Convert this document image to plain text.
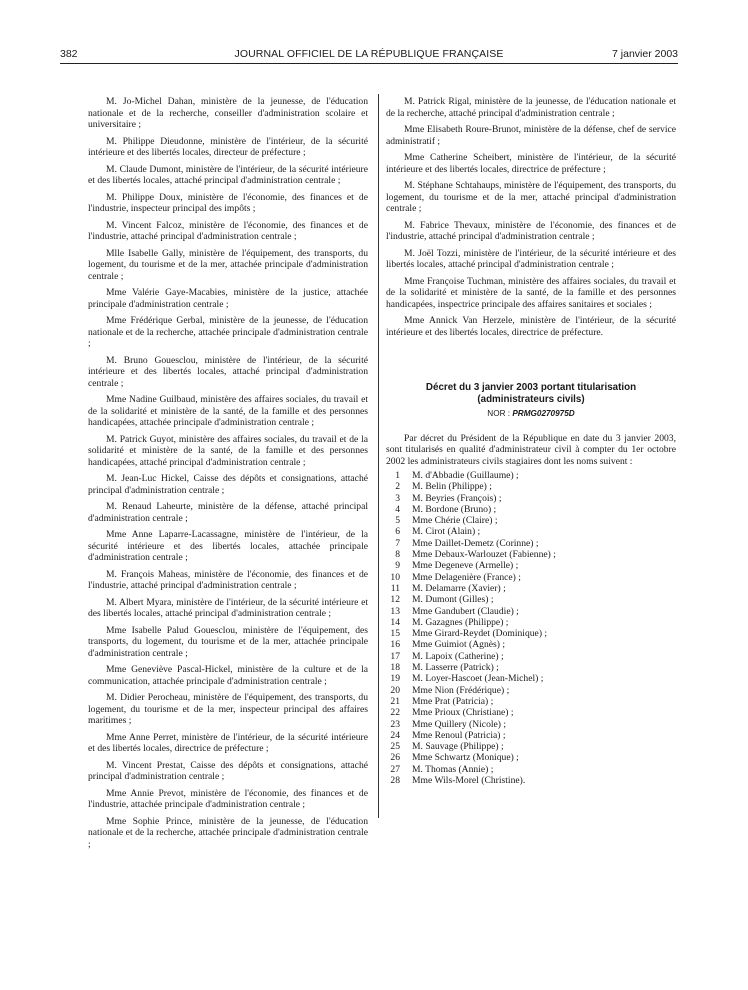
382	JOURNAL OFFICIEL DE LA RÉPUBLIQUE FRANÇAISE	7 janvier 2003

M. Jo-Michel Dahan, ministère de la jeunesse, de l'éducation nationale et de la recherche, conseiller d'administration scolaire et universitaire ;

M. Philippe Dieudonne, ministère de l'intérieur, de la sécurité intérieure et des libertés locales, directeur de préfecture ;

M. Claude Dumont, ministère de l'intérieur, de la sécurité intérieure et des libertés locales, attaché principal d'administration centrale ;

M. Philippe Doux, ministère de l'économie, des finances et de l'industrie, inspecteur principal des impôts ;

M. Vincent Falcoz, ministère de l'économie, des finances et de l'industrie, attaché principal d'administration centrale ;

Mlle Isabelle Gally, ministère de l'équipement, des transports, du logement, du tourisme et de la mer, attachée principale d'administration centrale ;

Mme Valérie Gaye-Macabies, ministère de la justice, attachée principale d'administration centrale ;

Mme Frédérique Gerbal, ministère de la jeunesse, de l'éducation nationale et de la recherche, attachée principale d'administration centrale ;

M. Bruno Gouesclou, ministère de l'intérieur, de la sécurité intérieure et des libertés locales, attaché principal d'administration centrale ;

Mme Nadine Guilbaud, ministère des affaires sociales, du travail et de la solidarité et ministère de la santé, de la famille et des personnes handicapées, attachée principale d'administration centrale ;

M. Patrick Guyot, ministère des affaires sociales, du travail et de la solidarité et ministère de la santé, de la famille et des personnes handicapées, attaché principal d'administration centrale ;

M. Jean-Luc Hickel, Caisse des dépôts et consignations, attaché principal d'administration centrale ;

M. Renaud Laheurte, ministère de la défense, attaché principal d'administration centrale ;

Mme Anne Laparre-Lacassagne, ministère de l'intérieur, de la sécurité intérieure et des libertés locales, attachée principale d'administration centrale ;

M. François Maheas, ministère de l'économie, des finances et de l'industrie, attaché principal d'administration centrale ;

M. Albert Myara, ministère de l'intérieur, de la sécurité intérieure et des libertés locales, attaché principal d'administration centrale ;

Mme Isabelle Palud Gouesclou, ministère de l'équipement, des transports, du logement, du tourisme et de la mer, attachée principale d'administration centrale ;

Mme Geneviève Pascal-Hickel, ministère de la culture et de la communication, attachée principale d'administration centrale ;

M. Didier Perocheau, ministère de l'équipement, des transports, du logement, du tourisme et de la mer, inspecteur principal des affaires maritimes ;

Mme Anne Perret, ministère de l'intérieur, de la sécurité intérieure et des libertés locales, directrice de préfecture ;

M. Vincent Prestat, Caisse des dépôts et consignations, attaché principal d'administration centrale ;

Mme Annie Prevot, ministère de l'économie, des finances et de l'industrie, attachée principale d'administration centrale ;

Mme Sophie Prince, ministère de la jeunesse, de l'éducation nationale et de la recherche, attachée principale d'administration centrale ;

M. Patrick Rigal, ministère de la jeunesse, de l'éducation nationale et de la recherche, attaché principal d'administration centrale ;

Mme Elisabeth Roure-Brunot, ministère de la défense, chef de service administratif ;

Mme Catherine Scheibert, ministère de l'intérieur, de la sécurité intérieure et des libertés locales, directrice de préfecture ;

M. Stéphane Schtahaups, ministère de l'équipement, des transports, du logement, du tourisme et de la mer, attaché principal d'administration centrale ;

M. Fabrice Thevaux, ministère de l'économie, des finances et de l'industrie, attaché principal d'administration centrale ;

M. Joël Tozzi, ministère de l'intérieur, de la sécurité intérieure et des libertés locales, attaché principal d'administration centrale ;

Mme Françoise Tuchman, ministère des affaires sociales, du travail et de la solidarité et ministère de la santé, de la famille et des personnes handicapées, inspectrice principale des affaires sanitaires et sociales ;

Mme Annick Van Herzele, ministère de l'intérieur, de la sécurité intérieure et des libertés locales, directrice de préfecture.

Décret du 3 janvier 2003 portant titularisation
(administrateurs civils)
NOR : PRMG0270975D

Par décret du Président de la République en date du 3 janvier 2003, sont titularisés en qualité d'administrateur civil à compter du 1er octobre 2002 les administrateurs civils stagiaires dont les noms suivent :

1 M. d'Abbadie (Guillaume) ;
2 M. Belin (Philippe) ;
3 M. Beyries (François) ;
4 M. Bordone (Bruno) ;
5 Mme Chérie (Claire) ;
6 M. Cirot (Alain) ;
7 Mme Daillet-Demetz (Corinne) ;
8 Mme Debaux-Warlouzet (Fabienne) ;
9 Mme Degeneve (Armelle) ;
10 Mme Delagenière (France) ;
11 M. Delamarre (Xavier) ;
12 M. Dumont (Gilles) ;
13 Mme Gandubert (Claudie) ;
14 M. Gazagnes (Philippe) ;
15 Mme Girard-Reydet (Dominique) ;
16 Mme Guimiot (Agnès) ;
17 M. Lapoix (Catherine) ;
18 M. Lasserre (Patrick) ;
19 M. Loyer-Hascoet (Jean-Michel) ;
20 Mme Nion (Frédérique) ;
21 Mme Prat (Patricia) ;
22 Mme Prioux (Christiane) ;
23 Mme Quillery (Nicole) ;
24 Mme Renoul (Patricia) ;
25 M. Sauvage (Philippe) ;
26 Mme Schwartz (Monique) ;
27 M. Thomas (Annie) ;
28 Mme Wils-Morel (Christine).
